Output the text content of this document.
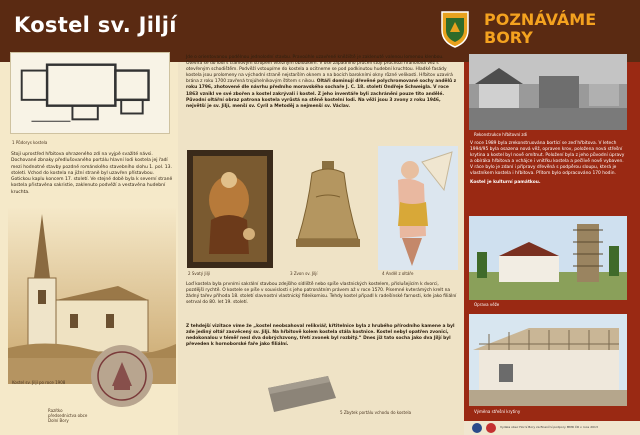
Kostel sv. Jiljí	POZNÁVÁME
BORY
1 Půdorys kostela
Stojí uprostřed hřbitova ohrazeného zdí na vyjpě svažité návsi. Dochované zbnaky předlušovaného portálu hlavní lodi kostela jej řadí mezi hodnotné stavby pozdně románského stavebního slohu 1. pol. 13. století. Vchod do kostela na jižní straně byl uzavřen přístavbou. Gotickou kaplu koncem 17. století. Ve stejné době byla k severní straně kostela přistavěna sakristie, zaklenuto podvěží a vestavěna hudební kruchta.
Kostel sv. Jiljí po roce 1908
Razítko předsednictva obce Dolní Bory
Jde o orientovanou podélnou jednolodní stavbu. Pravoúhle uzavřené kněžiště je zaklenuté valenou lomenou klenbou. Otevírá se do lodi s trámovým stropem vítězným obloukem. V ose západního průčelí stojí průchozí hranolová věž s otevřeným schodištěm. Podvěží vstoupíme do kostela a ocitneme se pod podkinutou hudební kruchtou. Hladké fasády kostela jsou prolomeny na východní straně nejstarším oknem a na bocích barokními okny různé velikosti. Hřbitov uzavírá brána z roku 1700 zavřená trojúhelníkovým štítem s nikou. Oltáři dominují dřevěné polychromované sochy andělů z roku 1796, zhotovené dle návrhu předního moravského sochaře J. C. 18. století Ondřeje Schweigla. V roce 1863 vznikl ve své zbořen a kostel zakrývali i kostel. Z jeho inventáře byli zachráněni pouze tito andělé. Původní oltářní obraz patrona kostela vyrůstá na stěně kostelní lodi. Na věži jsou 3 zvony z roku 1946, největší je sv. Jiljí, menší sv. Cyril a Metoděj a nejmenší sv. Václav.
2 Svatý Jiljí	3 Zvon sv. Jiljí	4 Anděl z oltáře
Loď kostela byla prvními sakrální stavbou zdejšího sídliště nebo spíše vlastnických kostelem, příslušejícím k dvorci, pozdější rychtě. O kostele se píše v souvislosti s jeho patronátním právem až v roce 1570. Písemné kvterámých krelt na žádný tařev příhoda 18. století slavnostní vlastnický fideikomisu. Tehdy kostel připadl k radešínské farnosti, kde jako filiální setrval do 80. let 19. století.
Z tehdejší vizitace víme že „kostel neobsahoval relikvíář, křtitelnice byla z hrubého přírodního kamene a byl zde jediný oltář zasvěcený sv. Jiljí. Na hřbitově kolem kostela stála kostnice. Kostel nebyl opatřen zvonicí, nedokonalou v téměř nesl dva dobrýchzvony, třetí zvonek byl rozbitý.“ Dnes již tato socha jako dva Jiljí byl převeden k hornoborské faře jako filiální.
5 Zbytek portálu vchodu do kostela
Rekonstrukce hřbitovní zdi
V roce 1989 byla zrekonstruována bortící se zeď hřbitova. V letech 1994/95 byla osazena nová věž, opraven krov, položena nová střešní krytina a kostel byl nově omítnut. Položení byla z jeho původní úpravy a obíráka hřbitova a vchájce i vnitřku kostela a pečlivě nově vybaven. V ráce bylo je zdaní i přípravy dřevěná s podpěrou sloupu, která je vlastníkem kostela i hřbitova. Přitom bylo odpracováno 170 hodin.
Kostel je kulturní památkou.
Oprava věže
Výměna střešní krytiny
Vydala obec Horní Bory za finanční podpory MMR ČR v roce 2013
